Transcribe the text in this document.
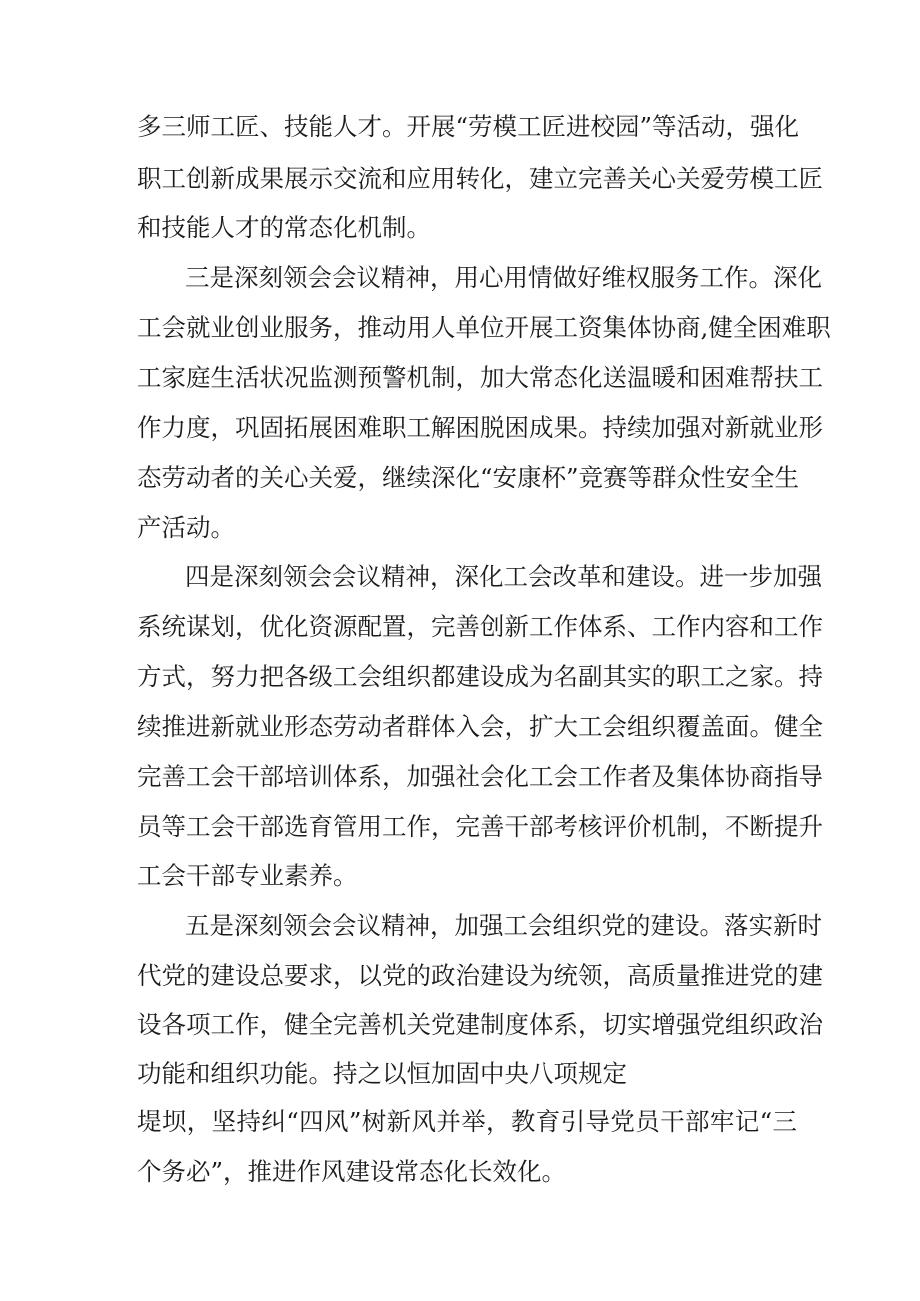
多三师工匠、技能人才。开展“劳模工匠进校园”等活动，强化
职工创新成果展示交流和应用转化，建立完善关心关爱劳模工匠
和技能人才的常态化机制。
三是深刻领会会议精神，用心用情做好维权服务工作。深化
工会就业创业服务，推动用人单位开展工资集体协商,健全困难职
工家庭生活状况监测预警机制，加大常态化送温暖和困难帮扶工
作力度，巩固拓展困难职工解困脱困成果。持续加强对新就业形
态劳动者的关心关爱，继续深化“安康杯”竞赛等群众性安全生
产活动。
四是深刻领会会议精神，深化工会改革和建设。进一步加强
系统谋划，优化资源配置，完善创新工作体系、工作内容和工作
方式，努力把各级工会组织都建设成为名副其实的职工之家。持
续推进新就业形态劳动者群体入会，扩大工会组织覆盖面。健全
完善工会干部培训体系，加强社会化工会工作者及集体协商指导
员等工会干部选育管用工作，完善干部考核评价机制，不断提升
工会干部专业素养。
五是深刻领会会议精神，加强工会组织党的建设。落实新时
代党的建设总要求，以党的政治建设为统领，高质量推进党的建
设各项工作，健全完善机关党建制度体系，切实增强党组织政治
功能和组织功能。持之以恒加固中央八项规定
堤坝，坚持纠“四风”树新风并举，教育引导党员干部牢记“三
个务必”，推进作风建设常态化长效化。
